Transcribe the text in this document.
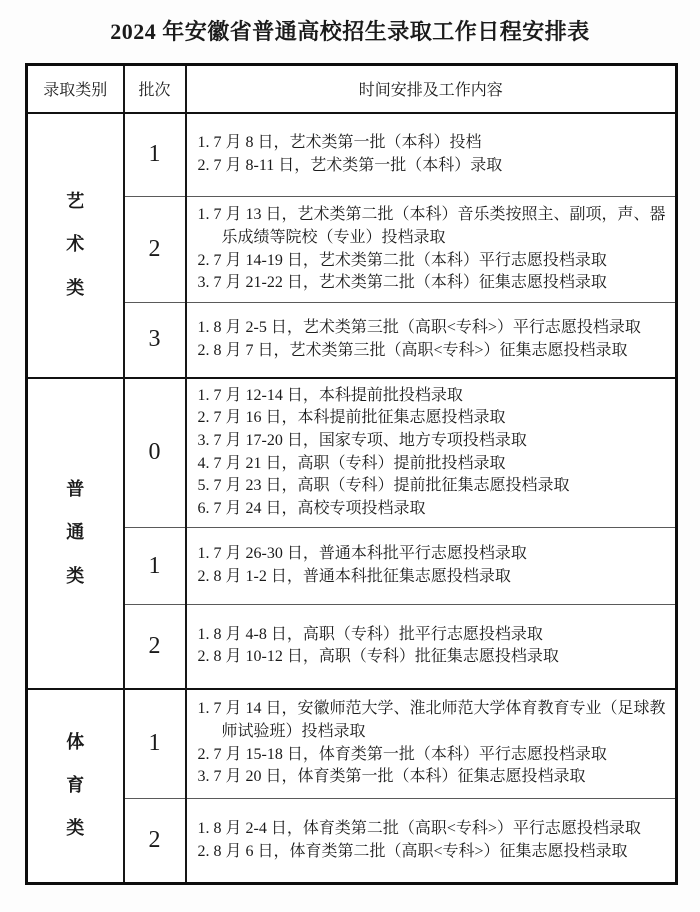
2024 年安徽省普通高校招生录取工作日程安排表
录取类别	批次	时间安排及工作内容
艺术类	1	1. 7 月 8 日，艺术类第一批（本科）投档
2. 7 月 8-11 日，艺术类第一批（本科）录取

	2	1. 7 月 13 日，艺术类第二批（本科）音乐类按照主、副项，声、器乐成绩等院校（专业）投档录取
2. 7 月 14-19 日，艺术类第二批（本科）平行志愿投档录取
3. 7 月 21-22 日，艺术类第二批（本科）征集志愿投档录取

	3	1. 8 月 2-5 日，艺术类第三批（高职<专科>）平行志愿投档录取
2. 8 月 7 日，艺术类第三批（高职<专科>）征集志愿投档录取

普通类	0	
1. 7 月 12-14 日，本科提前批投档录取
2. 7 月 16 日，本科提前批征集志愿投档录取
3. 7 月 17-20 日，国家专项、地方专项投档录取
4. 7 月 21 日，高职（专科）提前批投档录取
5. 7 月 23 日，高职（专科）提前批征集志愿投档录取
6. 7 月 24 日，高校专项投档录取

	1	1. 7 月 26-30 日，普通本科批平行志愿投档录取
2. 8 月 1-2 日，普通本科批征集志愿投档录取

	2	1. 8 月 4-8 日，高职（专科）批平行志愿投档录取
2. 8 月 10-12 日，高职（专科）批征集志愿投档录取

体育类	1	1. 7 月 14 日，安徽师范大学、淮北师范大学体育教育专业（足球教师试验班）投档录取
2. 7 月 15-18 日，体育类第一批（本科）平行志愿投档录取
3. 7 月 20 日，体育类第一批（本科）征集志愿投档录取

	2	1. 8 月 2-4 日，体育类第二批（高职<专科>）平行志愿投档录取
2. 8 月 6 日，体育类第二批（高职<专科>）征集志愿投档录取
